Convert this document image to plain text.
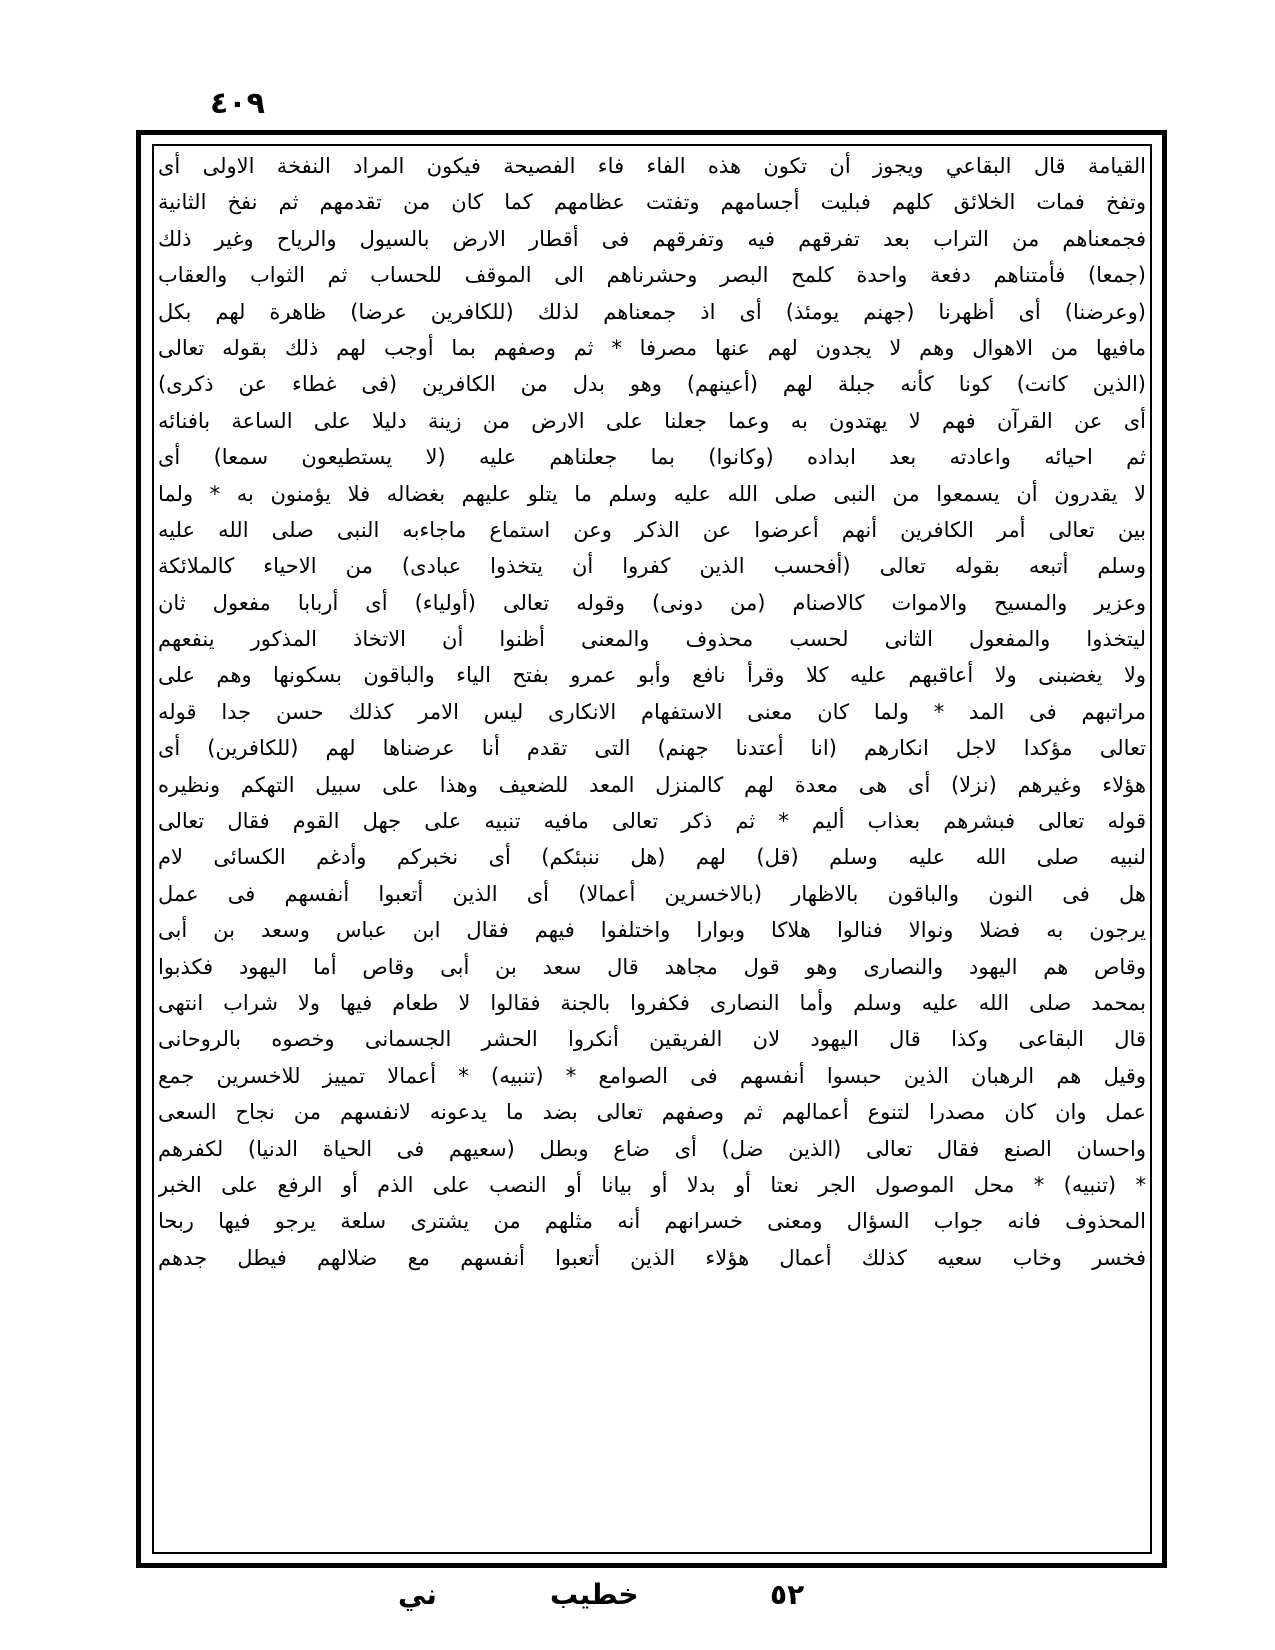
٤٠٩
القيامة قال البقاعي ويجوز أن تكون هذه الفاء فاء الفصيحة فيكون المراد النفخة الاولى أى
وتفخ فمات الخلائق كلهم فبليت أجسامهم وتفتت عظامهم كما كان من تقدمهم ثم نفخ الثانية
فجمعناهم من التراب بعد تفرقهم فيه وتفرقهم فى أقطار الارض بالسيول والرياح وغير ذلك
(جمعا) فأمتناهم دفعة واحدة كلمح البصر وحشرناهم الى الموقف للحساب ثم الثواب والعقاب
(وعرضنا) أى أظهرنا (جهنم يومئذ) أى اذ جمعناهم لذلك (للكافرين عرضا) ظاهرة لهم بكل
مافيها من الاهوال وهم لا يجدون لهم عنها مصرفا * ثم وصفهم بما أوجب لهم ذلك بقوله تعالى
(الذين كانت) كونا كأنه جبلة لهم (أعينهم) وهو بدل من الكافرين (فى غطاء عن ذكرى)
أى عن القرآن فهم لا يهتدون به وعما جعلنا على الارض من زينة دليلا على الساعة بافنائه
ثم احيائه واعادته بعد ابداده (وكانوا) بما جعلناهم عليه (لا يستطيعون سمعا) أى
لا يقدرون أن يسمعوا من النبى صلى الله عليه وسلم ما يتلو عليهم بغضاله فلا يؤمنون به * ولما
بين تعالى أمر الكافرين أنهم أعرضوا عن الذكر وعن استماع ماجاءبه النبى صلى الله عليه
وسلم أتبعه بقوله تعالى (أفحسب الذين كفروا أن يتخذوا عبادى) من الاحياء كالملائكة
وعزير والمسيح والاموات كالاصنام (من دونى) وقوله تعالى (أولياء) أى أربابا مفعول ثان
ليتخذوا والمفعول الثانى لحسب محذوف والمعنى أظنوا أن الاتخاذ المذكور ينفعهم
ولا يغضبنى ولا أعاقبهم عليه كلا وقرأ نافع وأبو عمرو بفتح الياء والباقون بسكونها وهم على
مراتبهم فى المد * ولما كان معنى الاستفهام الانكارى ليس الامر كذلك حسن جدا قوله
تعالى مؤكدا لاجل انكارهم (انا أعتدنا جهنم) التى تقدم أنا عرضناها لهم (للكافرين) أى
هؤلاء وغيرهم (نزلا) أى هى معدة لهم كالمنزل المعد للضعيف وهذا على سبيل التهكم ونظيره
قوله تعالى فبشرهم بعذاب أليم * ثم ذكر تعالى مافيه تنبيه على جهل القوم فقال تعالى
لنبيه صلى الله عليه وسلم (قل) لهم (هل ننبئكم) أى نخبركم وأدغم الكسائى لام
هل فى النون والباقون بالاظهار (بالاخسرين أعمالا) أى الذين أتعبوا أنفسهم فى عمل
يرجون به فضلا ونوالا فنالوا هلاكا وبوارا واختلفوا فيهم فقال ابن عباس وسعد بن أبى
وقاص هم اليهود والنصارى وهو قول مجاهد قال سعد بن أبى وقاص أما اليهود فكذبوا
بمحمد صلى الله عليه وسلم وأما النصارى فكفروا بالجنة فقالوا لا طعام فيها ولا شراب انتهى
قال البقاعى وكذا قال اليهود لان الفريقين أنكروا الحشر الجسمانى وخصوه بالروحانى
وقيل هم الرهبان الذين حبسوا أنفسهم فى الصوامع * (تنبيه) * أعمالا تمييز للاخسرين جمع
عمل وان كان مصدرا لتنوع أعمالهم ثم وصفهم تعالى بضد ما يدعونه لانفسهم من نجاح السعى
واحسان الصنع فقال تعالى (الذين ضل) أى ضاع وبطل (سعيهم فى الحياة الدنيا) لكفرهم
* (تنبيه) * محل الموصول الجر نعتا أو بدلا أو بيانا أو النصب على الذم أو الرفع على الخبر
المحذوف فانه جواب السؤال ومعنى خسرانهم أنه مثلهم من يشترى سلعة يرجو فيها ربحا
فخسر وخاب سعيه كذلك أعمال هؤلاء الذين أتعبوا أنفسهم مع ضلالهم فيطل جدهم
٥٢
خطيب
ني
